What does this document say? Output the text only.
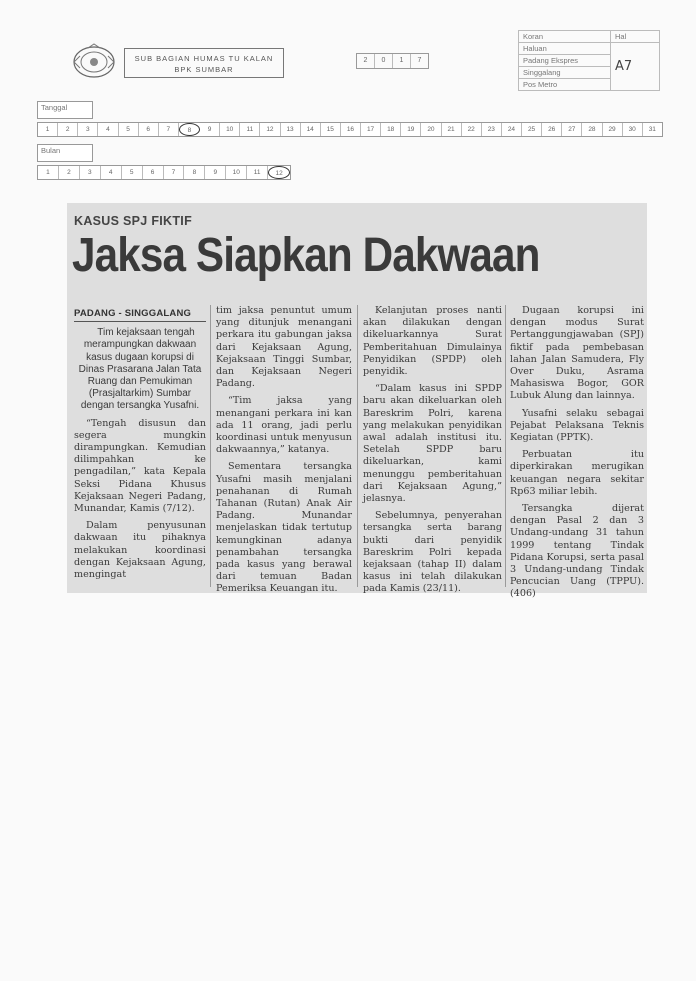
SUB BAGIAN HUMAS TU KALAN
BPK SUMBAR
2	0	1	7
Koran	Hal
Haluan	A7
Padang Ekspres	
Singgalang	
Pos Metro	
Tanggal
1	2	3	4	5	6	7	8	9	10	11	12	13	14	15	16	17	18	19	20	21	22	23	24	25	26	27	28	29	30	31
Bulan
1	2	3	4	5	6	7	8	9	10	11	12
KASUS SPJ FIKTIF
Jaksa Siapkan Dakwaan

PADANG - SINGGALANG

Tim kejaksaan tengah merampungkan dakwaan kasus dugaan korupsi di Dinas Prasarana Jalan Tata Ruang dan Pemukiman (Prasjaltarkim) Sumbar dengan tersangka Yusafni.

“Tengah disusun dan segera mungkin dirampungkan. Kemudian dilimpahkan ke pengadilan,” kata Kepala Seksi Pidana Khusus Kejaksaan Negeri Padang, Munandar, Kamis (7/12).

Dalam penyusunan dakwaan itu pihaknya melakukan koordinasi dengan Kejaksaan Agung, mengingat

tim jaksa penuntut umum yang ditunjuk menangani perkara itu gabungan jaksa dari Kejaksaan Agung, Kejaksaan Tinggi Sumbar, dan Kejaksaan Negeri Padang.

“Tim jaksa yang menangani perkara ini kan ada 11 orang, jadi perlu koordinasi untuk menyusun dakwaannya,” katanya.

Sementara tersangka Yusafni masih menjalani penahanan di Rumah Tahanan (Rutan) Anak Air Padang. Munandar menjelaskan tidak tertutup kemungkinan adanya penambahan tersangka pada kasus yang berawal dari temuan Badan Pemeriksa Keuangan itu.

Kelanjutan proses nanti akan dilakukan dengan dikeluarkannya Surat Pemberitahuan Dimulainya Penyidikan (SPDP) oleh penyidik.

“Dalam kasus ini SPDP baru akan dikeluarkan oleh Bareskrim Polri, karena yang melakukan penyidikan awal adalah institusi itu. Setelah SPDP baru dikeluarkan, kami menunggu pemberitahuan dari Kejaksaan Agung,” jelasnya.

Sebelumnya, penyerahan tersangka serta barang bukti dari penyidik Bareskrim Polri kepada kejaksaan (tahap II) dalam kasus ini telah dilakukan pada Kamis (23/11).

Dugaan korupsi ini dengan modus Surat Pertanggungjawaban (SPJ) fiktif pada pembebasan lahan Jalan Samudera, Fly Over Duku, Asrama Mahasiswa Bogor, GOR Lubuk Alung dan lainnya.

Yusafni selaku sebagai Pejabat Pelaksana Teknis Kegiatan (PPTK).

Perbuatan itu diperkirakan merugikan keuangan negara sekitar Rp63 miliar lebih.

Tersangka dijerat dengan Pasal 2 dan 3 Undang-undang 31 tahun 1999 tentang Tindak Pidana Korupsi, serta pasal 3 Undang-undang Tindak Pencucian Uang (TPPU). (406)
